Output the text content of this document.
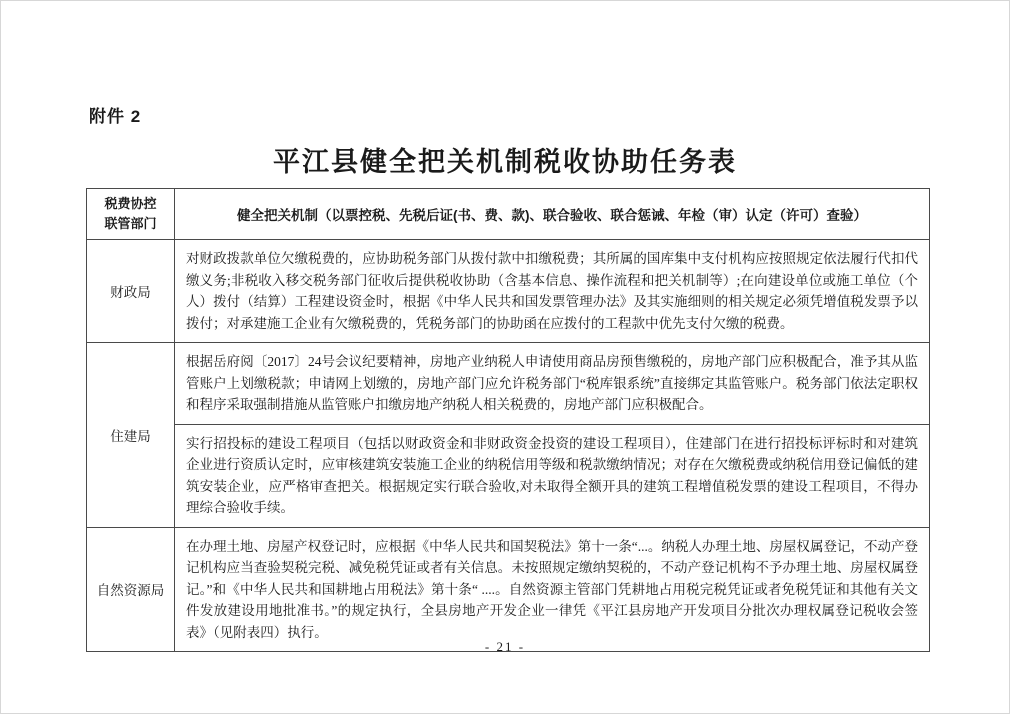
附件 2
平江县健全把关机制税收协助任务表
税费协控
联管部门	健全把关机制（以票控税、先税后证(书、费、款)、联合验收、联合惩诫、年检（审）认定（许可）查验）
财政局	对财政拨款单位欠缴税费的，应协助税务部门从拨付款中扣缴税费；其所属的国库集中支付机构应按照规定依法履行代扣代缴义务;非税收入移交税务部门征收后提供税收协助（含基本信息、操作流程和把关机制等）;在向建设单位或施工单位（个人）拨付（结算）工程建设资金时，根据《中华人民共和国发票管理办法》及其实施细则的相关规定必须凭增值税发票予以拨付；对承建施工企业有欠缴税费的，凭税务部门的协助函在应拨付的工程款中优先支付欠缴的税费。
住建局	根据岳府阅〔2017〕24号会议纪要精神，房地产业纳税人申请使用商品房预售缴税的，房地产部门应积极配合，准予其从监管账户上划缴税款；申请网上划缴的，房地产部门应允许税务部门“税库银系统”直接绑定其监管账户。税务部门依法定职权和程序采取强制措施从监管账户扣缴房地产纳税人相关税费的，房地产部门应积极配合。
	实行招投标的建设工程项目（包括以财政资金和非财政资金投资的建设工程项目），住建部门在进行招投标评标时和对建筑企业进行资质认定时，应审核建筑安装施工企业的纳税信用等级和税款缴纳情况；对存在欠缴税费或纳税信用登记偏低的建筑安装企业，应严格审查把关。根据规定实行联合验收,对未取得全额开具的建筑工程增值税发票的建设工程项目，不得办理综合验收手续。
自然资源局	在办理土地、房屋产权登记时，应根据《中华人民共和国契税法》第十一条“...。纳税人办理土地、房屋权属登记，不动产登记机构应当查验契税完税、减免税凭证或者有关信息。未按照规定缴纳契税的，不动产登记机构不予办理土地、房屋权属登记。”和《中华人民共和国耕地占用税法》第十条“ ....。自然资源主管部门凭耕地占用税完税凭证或者免税凭证和其他有关文件发放建设用地批准书。”的规定执行，全县房地产开发企业一律凭《平江县房地产开发项目分批次办理权属登记税收会签表》（见附表四）执行。
- 21 -
